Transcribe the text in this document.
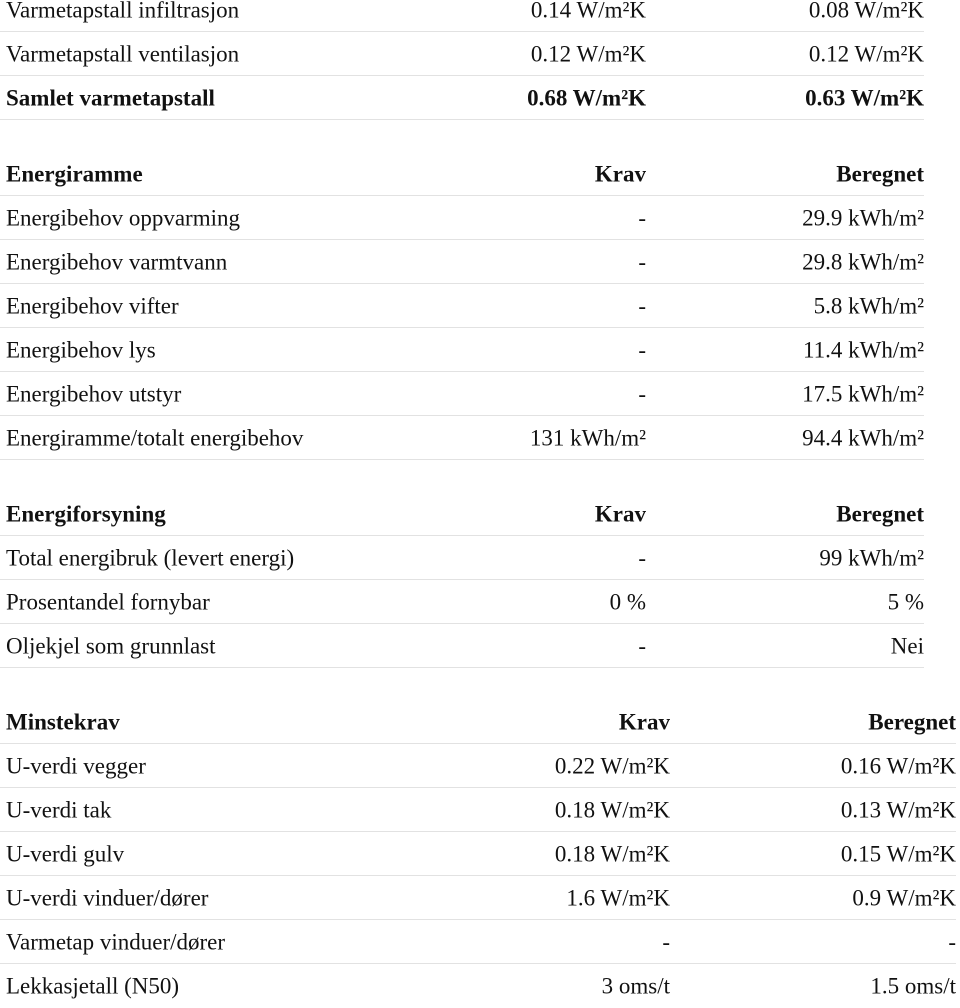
Varmetapstall infiltrasjon	0.14 W/m²K	0.08 W/m²K
Varmetapstall ventilasjon	0.12 W/m²K	0.12 W/m²K
Samlet varmetapstall	0.68 W/m²K	0.63 W/m²K
Energiramme	Krav	Beregnet
Energibehov oppvarming	-	29.9 kWh/m²
Energibehov varmtvann	-	29.8 kWh/m²
Energibehov vifter	-	5.8 kWh/m²
Energibehov lys	-	11.4 kWh/m²
Energibehov utstyr	-	17.5 kWh/m²
Energiramme/totalt energibehov	131 kWh/m²	94.4 kWh/m²
Energiforsyning	Krav	Beregnet
Total energibruk (levert energi)	-	99 kWh/m²
Prosentandel fornybar	0 %	5 %
Oljekjel som grunnlast	-	Nei
Minstekrav	Krav	Beregnet
U-verdi vegger	0.22 W/m²K	0.16 W/m²K
U-verdi tak	0.18 W/m²K	0.13 W/m²K
U-verdi gulv	0.18 W/m²K	0.15 W/m²K
U-verdi vinduer/dører	1.6 W/m²K	0.9 W/m²K
Varmetap vinduer/dører	-	-
Lekkasjetall (N50)	3 oms/t	1.5 oms/t
